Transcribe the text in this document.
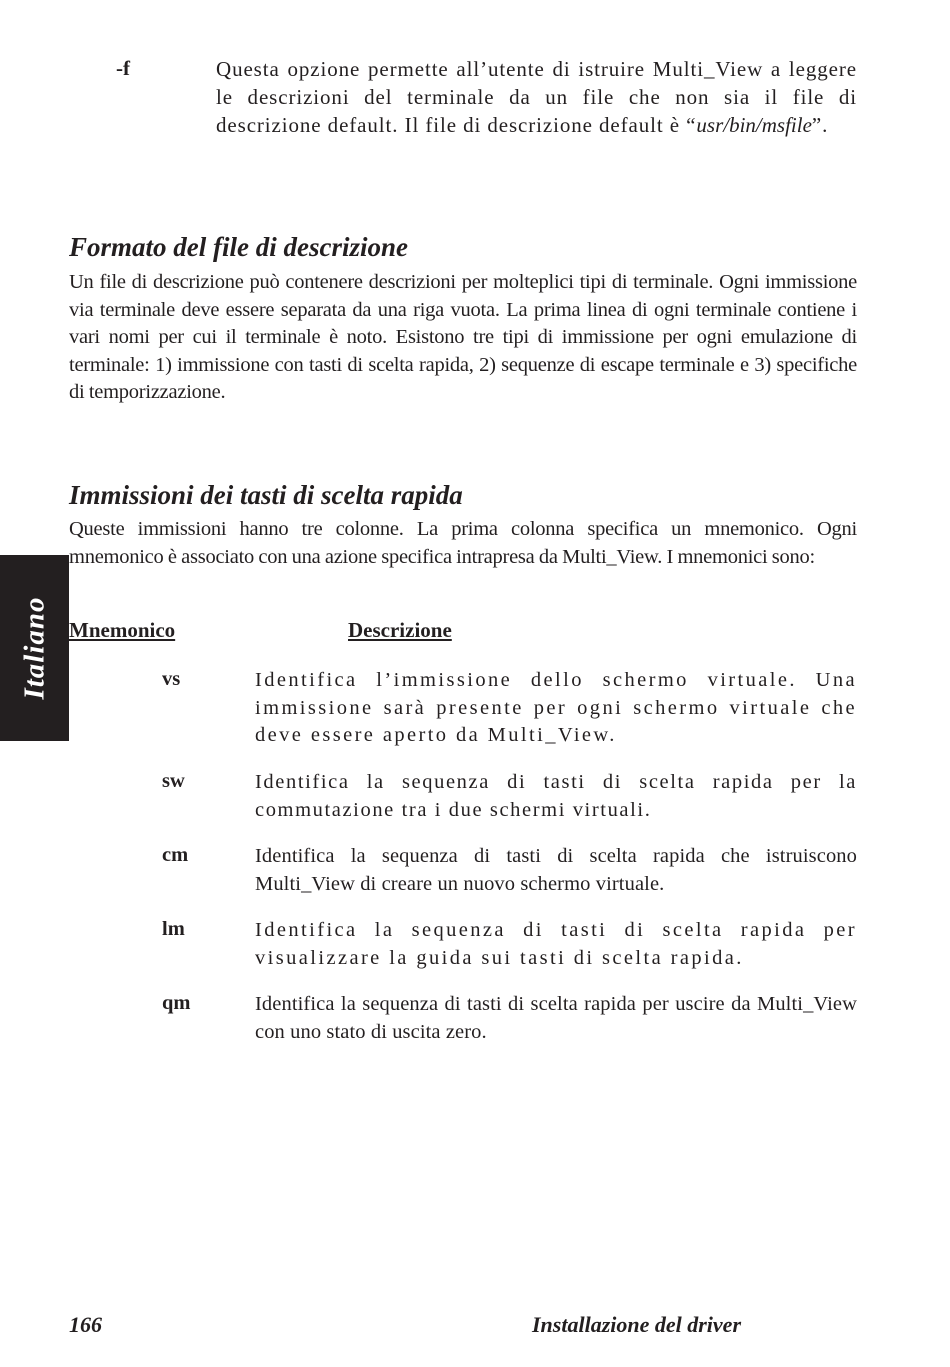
-f	Questa opzione permette all’utente di istruire Multi_View a leggere le descrizioni del terminale da un file che non sia il file di descrizione default. Il file di descrizione default è “usr/bin/msfile”.
Formato del file di descrizione
Un file di descrizione può contenere descrizioni per molteplici tipi di terminale. Ogni immissione via terminale deve essere separata da una riga vuota. La prima linea di ogni terminale contiene i vari nomi per cui il terminale è noto. Esistono tre tipi di immissione per ogni emulazione di terminale: 1) immissione con tasti di scelta rapida, 2) sequenze di escape terminale e 3) specifiche di temporizzazione.
Immissioni dei tasti di scelta rapida
Queste immissioni hanno tre colonne. La prima colonna specifica un mnemonico. Ogni mnemonico è associato con una azione specifica intrapresa da Multi_View. I mnemonici sono:
Mnemonico	Descrizione
vs	Identifica l’immissione dello schermo virtuale. Una immissione sarà presente per ogni schermo virtuale che deve essere aperto da Multi_View.
sw	Identifica la sequenza di tasti di scelta rapida per la commutazione tra i due schermi virtuali.
cm	Identifica la sequenza di tasti di scelta rapida che istruiscono Multi_View di creare un nuovo schermo virtuale.
lm	Identifica la sequenza di tasti di scelta rapida per visualizzare la guida sui tasti di scelta rapida.
qm	Identifica la sequenza di tasti di scelta rapida per uscire da Multi_View con uno stato di uscita zero.
Italiano
166	Installazione del driver
